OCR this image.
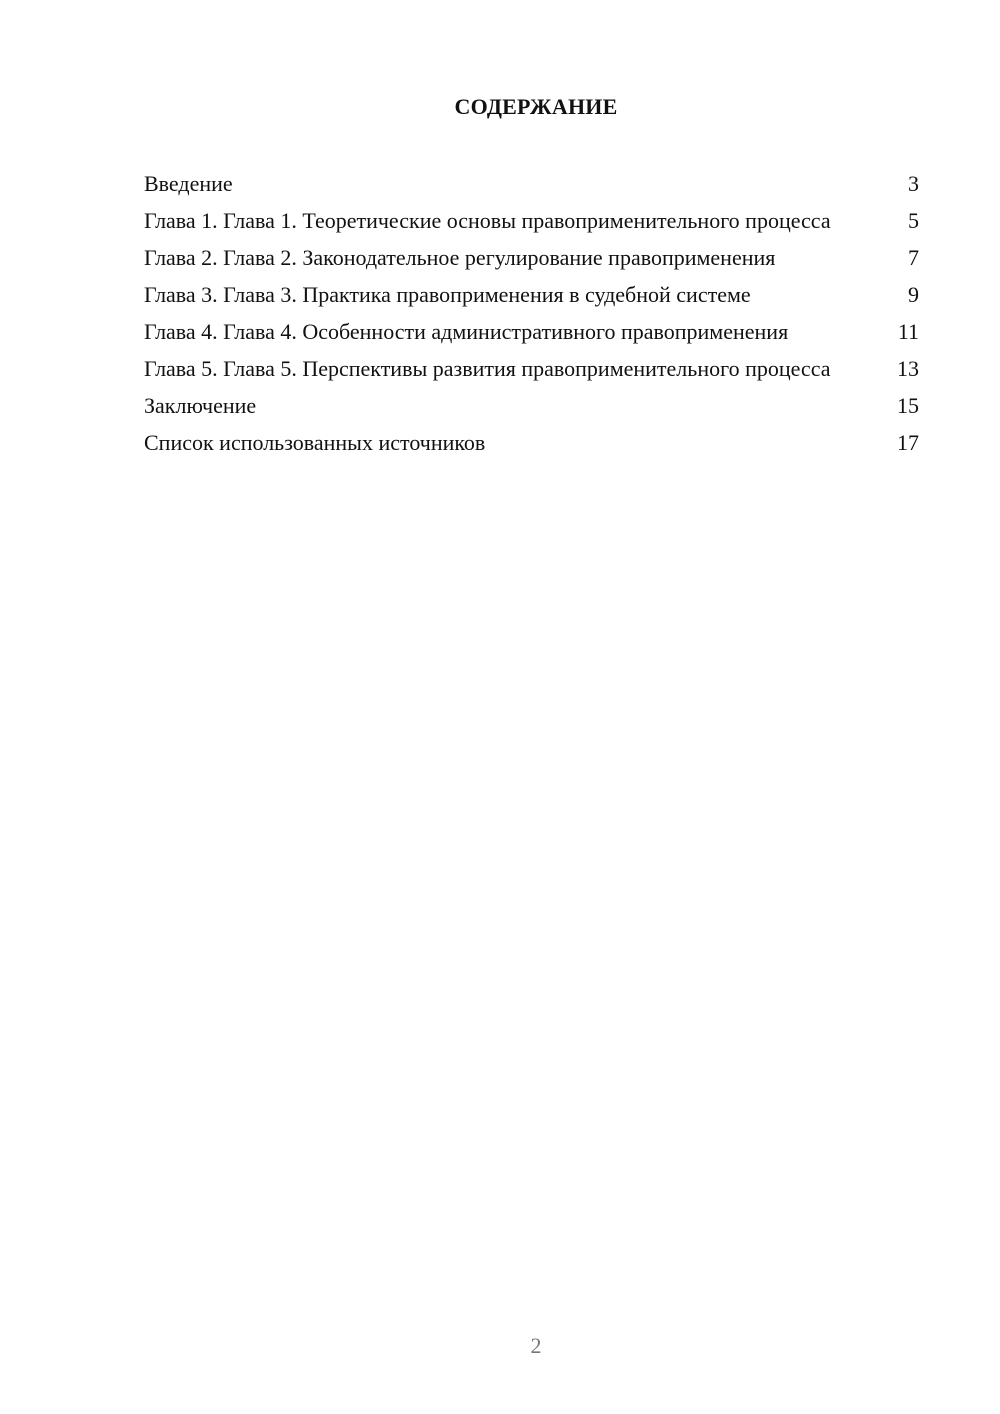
СОДЕРЖАНИЕ
Введение	3
Глава 1. Глава 1. Теоретические основы правоприменительного процесса	5
Глава 2. Глава 2. Законодательное регулирование правоприменения	7
Глава 3. Глава 3. Практика правоприменения в судебной системе	9
Глава 4. Глава 4. Особенности административного правоприменения	11
Глава 5. Глава 5. Перспективы развития правоприменительного процесса	13
Заключение	15
Список использованных источников	17
2
